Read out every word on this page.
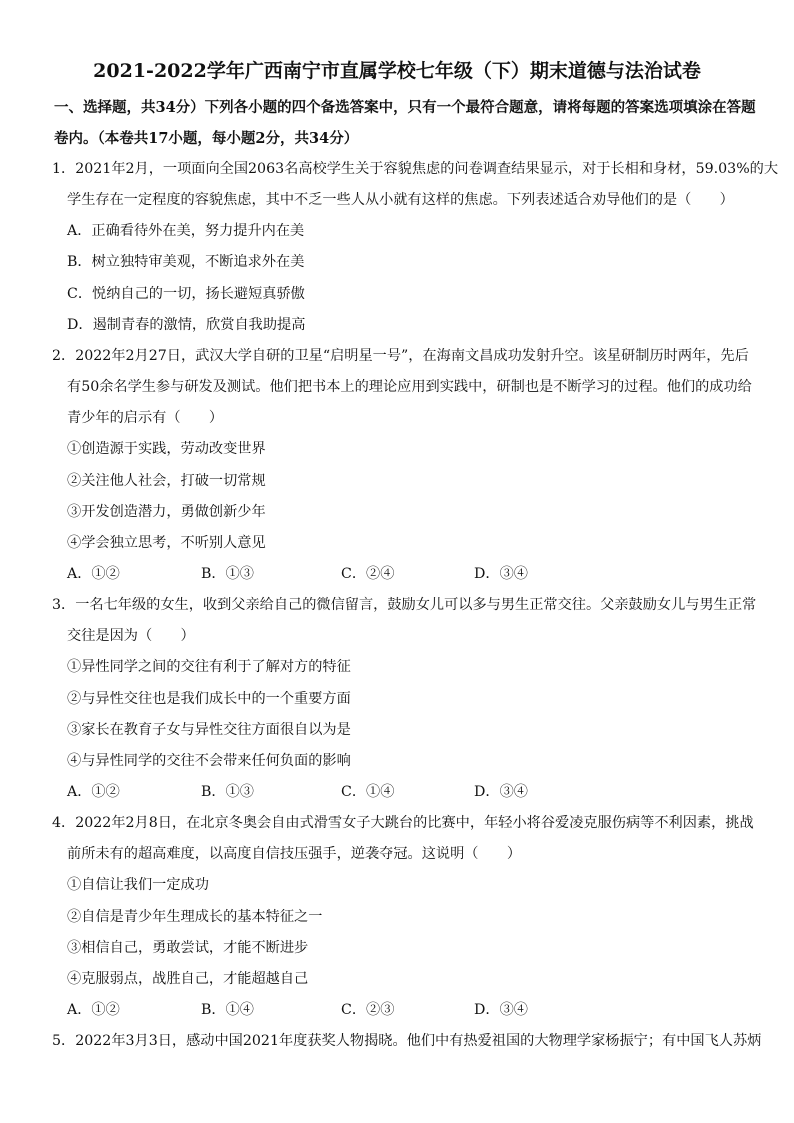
2021-2022学年广西南宁市直属学校七年级（下）期末道德与法治试卷
一、选择题，共34分）下列各小题的四个备选答案中，只有一个最符合题意，请将每题的答案选项填涂在答题卷内。（本卷共17小题，每小题2分，共34分）
1．2021年2月，一项面向全国2063名高校学生关于容貌焦虑的问卷调查结果显示，对于长相和身材，59.03%的大
学生存在一定程度的容貌焦虑，其中不乏一些人从小就有这样的焦虑。下列表述适合劝导他们的是（　　）
A．正确看待外在美，努力提升内在美
B．树立独特审美观，不断追求外在美
C．悦纳自己的一切，扬长避短真骄傲
D．遏制青春的激情，欣赏自我助提高
2．2022年2月27日，武汉大学自研的卫星“启明星一号”，在海南文昌成功发射升空。该星研制历时两年，先后
有50余名学生参与研发及测试。他们把书本上的理论应用到实践中，研制也是不断学习的过程。他们的成功给
青少年的启示有（　　）
①创造源于实践，劳动改变世界
②关注他人社会，打破一切常规
③开发创造潜力，勇做创新少年
④学会独立思考，不听别人意见
A．①②	B．①③	C．②④	D．③④
3．一名七年级的女生，收到父亲给自己的微信留言，鼓励女儿可以多与男生正常交往。父亲鼓励女儿与男生正常
交往是因为（　　）
①异性同学之间的交往有利于了解对方的特征
②与异性交往也是我们成长中的一个重要方面
③家长在教育子女与异性交往方面很自以为是
④与异性同学的交往不会带来任何负面的影响
A．①②	B．①③	C．①④	D．③④
4．2022年2月8日，在北京冬奥会自由式滑雪女子大跳台的比赛中，年轻小将谷爱凌克服伤病等不利因素，挑战
前所未有的超高难度，以高度自信技压强手，逆袭夺冠。这说明（　　）
①自信让我们一定成功
②自信是青少年生理成长的基本特征之一
③相信自己，勇敢尝试，才能不断进步
④克服弱点，战胜自己，才能超越自己
A．①②	B．①④	C．②③	D．③④
5．2022年3月3日，感动中国2021年度获奖人物揭晓。他们中有热爱祖国的大物理学家杨振宁；有中国飞人苏炳
